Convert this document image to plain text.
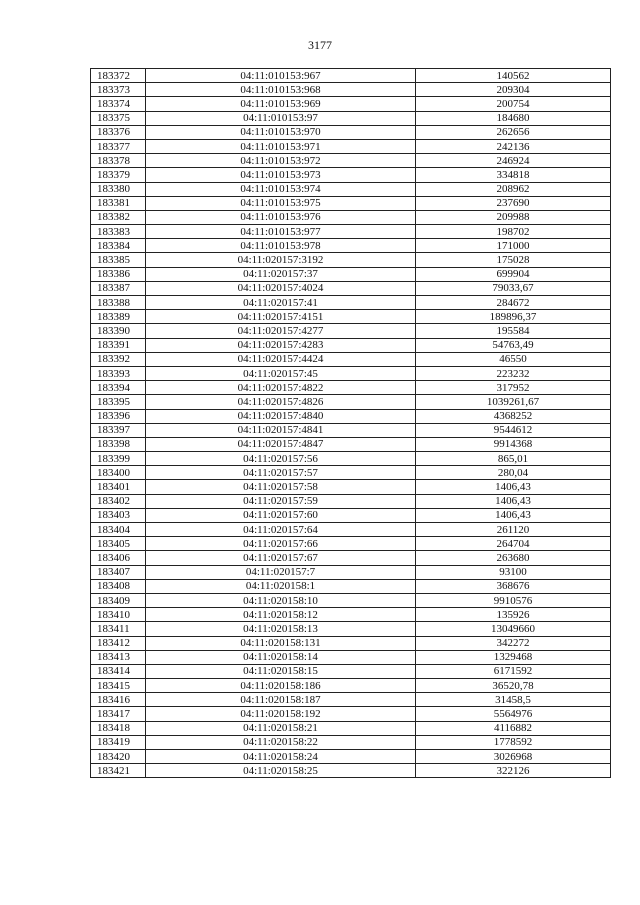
3177
183372	04:11:010153:967	140562
183373	04:11:010153:968	209304
183374	04:11:010153:969	200754
183375	04:11:010153:97	184680
183376	04:11:010153:970	262656
183377	04:11:010153:971	242136
183378	04:11:010153:972	246924
183379	04:11:010153:973	334818
183380	04:11:010153:974	208962
183381	04:11:010153:975	237690
183382	04:11:010153:976	209988
183383	04:11:010153:977	198702
183384	04:11:010153:978	171000
183385	04:11:020157:3192	175028
183386	04:11:020157:37	699904
183387	04:11:020157:4024	79033,67
183388	04:11:020157:41	284672
183389	04:11:020157:4151	189896,37
183390	04:11:020157:4277	195584
183391	04:11:020157:4283	54763,49
183392	04:11:020157:4424	46550
183393	04:11:020157:45	223232
183394	04:11:020157:4822	317952
183395	04:11:020157:4826	1039261,67
183396	04:11:020157:4840	4368252
183397	04:11:020157:4841	9544612
183398	04:11:020157:4847	9914368
183399	04:11:020157:56	865,01
183400	04:11:020157:57	280,04
183401	04:11:020157:58	1406,43
183402	04:11:020157:59	1406,43
183403	04:11:020157:60	1406,43
183404	04:11:020157:64	261120
183405	04:11:020157:66	264704
183406	04:11:020157:67	263680
183407	04:11:020157:7	93100
183408	04:11:020158:1	368676
183409	04:11:020158:10	9910576
183410	04:11:020158:12	135926
183411	04:11:020158:13	13049660
183412	04:11:020158:131	342272
183413	04:11:020158:14	1329468
183414	04:11:020158:15	6171592
183415	04:11:020158:186	36520,78
183416	04:11:020158:187	31458,5
183417	04:11:020158:192	5564976
183418	04:11:020158:21	4116882
183419	04:11:020158:22	1778592
183420	04:11:020158:24	3026968
183421	04:11:020158:25	322126
